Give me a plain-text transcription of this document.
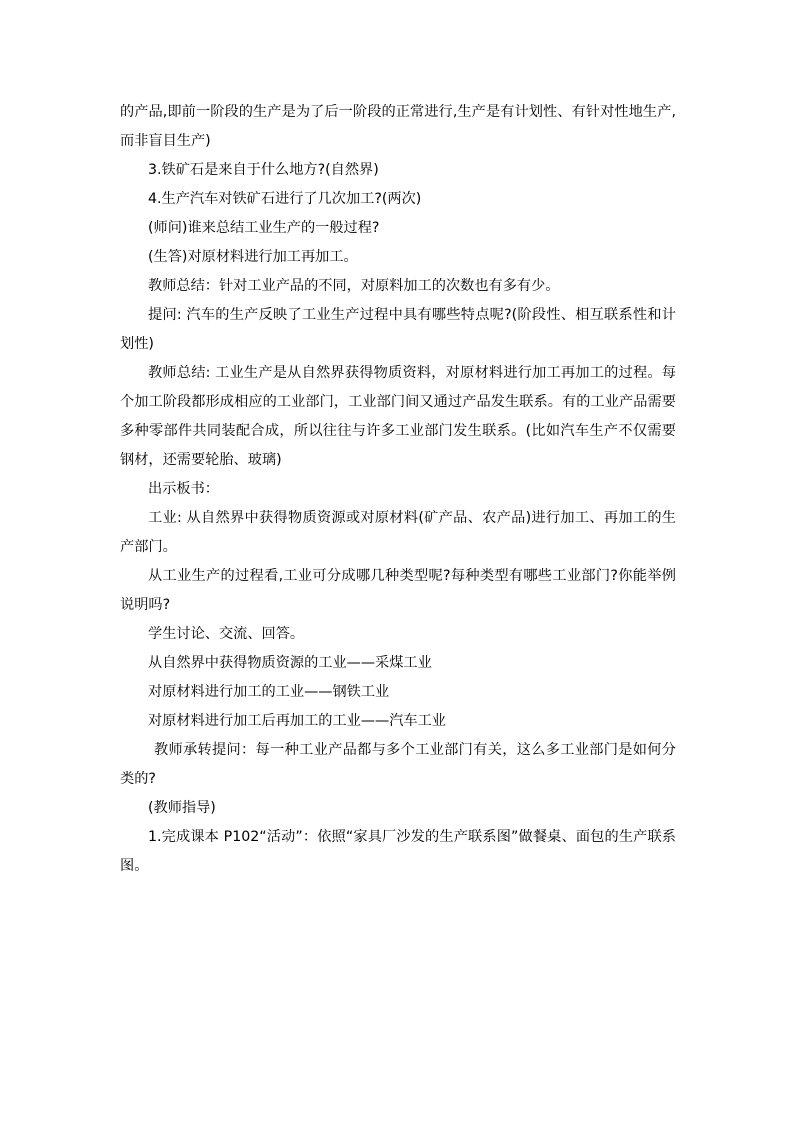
的产品,即前一阶段的生产是为了后一阶段的正常进行,生产是有计划性、有针对性地生产,而非盲目生产)

3.铁矿石是来自于什么地方?(自然界)

4.生产汽车对铁矿石进行了几次加工?(两次)

(师问)谁来总结工业生产的一般过程?

(生答)对原材料进行加工再加工。

教师总结：针对工业产品的不同，对原料加工的次数也有多有少。

提问: 汽车的生产反映了工业生产过程中具有哪些特点呢?(阶段性、相互联系性和计划性)

教师总结: 工业生产是从自然界获得物质资料，对原材料进行加工再加工的过程。每个加工阶段都形成相应的工业部门，工业部门间又通过产品发生联系。有的工业产品需要多种零部件共同装配合成，所以往往与许多工业部门发生联系。(比如汽车生产不仅需要钢材，还需要轮胎、玻璃)

出示板书：

工业: 从自然界中获得物质资源或对原材料(矿产品、农产品)进行加工、再加工的生产部门。

从工业生产的过程看,工业可分成哪几种类型呢?每种类型有哪些工业部门?你能举例说明吗?

学生讨论、交流、回答。

从自然界中获得物质资源的工业——采煤工业

对原材料进行加工的工业——钢铁工业

对原材料进行加工后再加工的工业——汽车工业

教师承转提问：每一种工业产品都与多个工业部门有关，这么多工业部门是如何分类的?

(教师指导)

1.完成课本 P102“活动”：依照“家具厂沙发的生产联系图”做餐桌、面包的生产联系图。
